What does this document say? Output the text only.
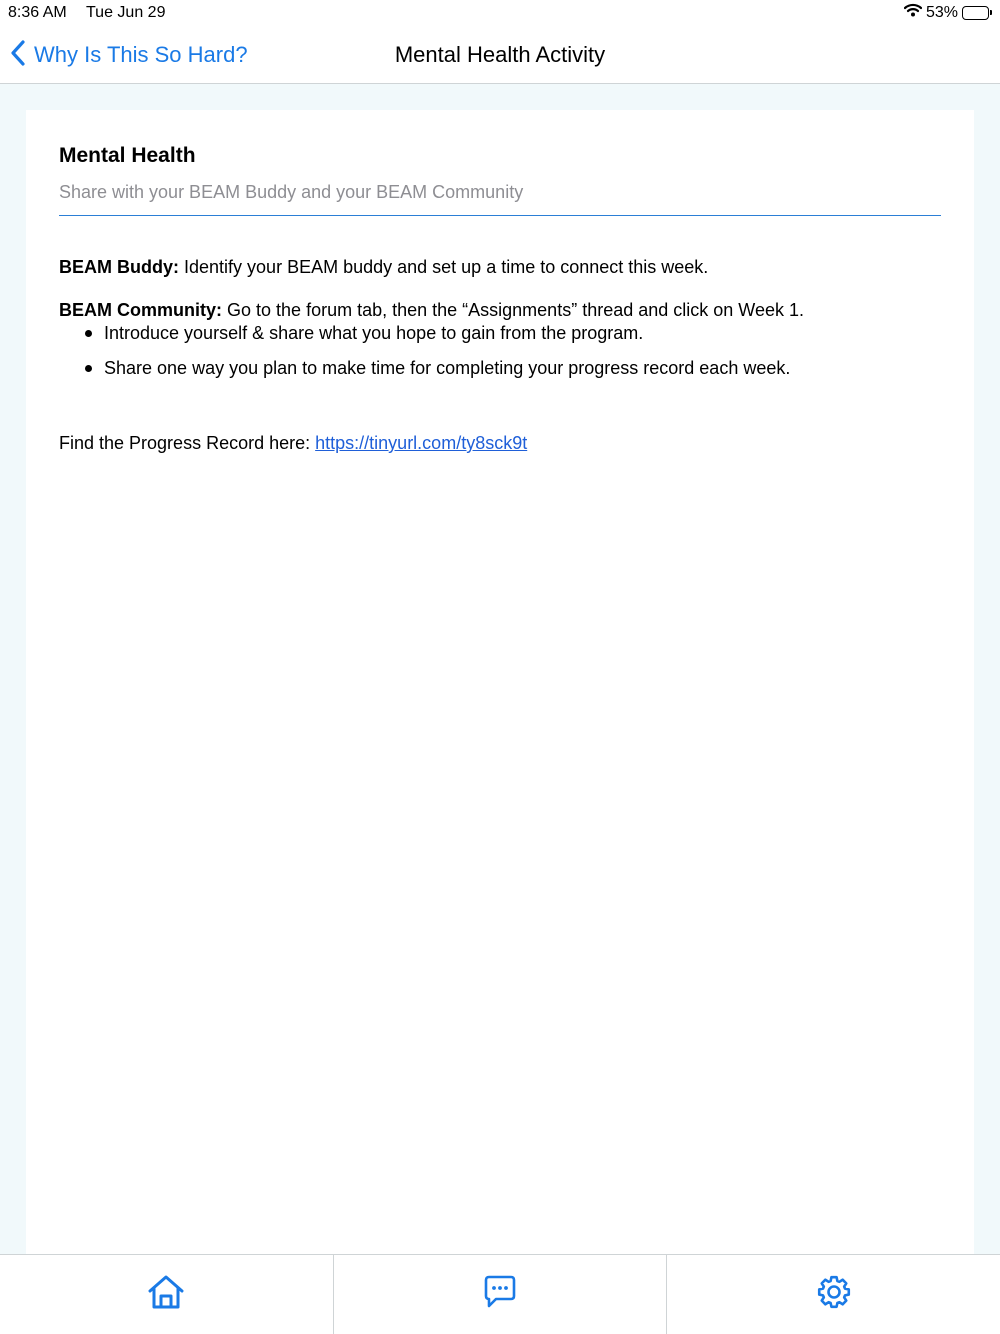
8:36 AM Tue Jun 29	53%
Why Is This So Hard?	Mental Health Activity
Mental Health
Share with your BEAM Buddy and your BEAM Community

BEAM Buddy: Identify your BEAM buddy and set up a time to connect this week.

BEAM Community: Go to the forum tab, then the “Assignments” thread and click on Week 1.

Introduce yourself & share what you hope to gain from the program.
Share one way you plan to make time for completing your progress record each week.

Find the Progress Record here: https://tinyurl.com/ty8sck9t
